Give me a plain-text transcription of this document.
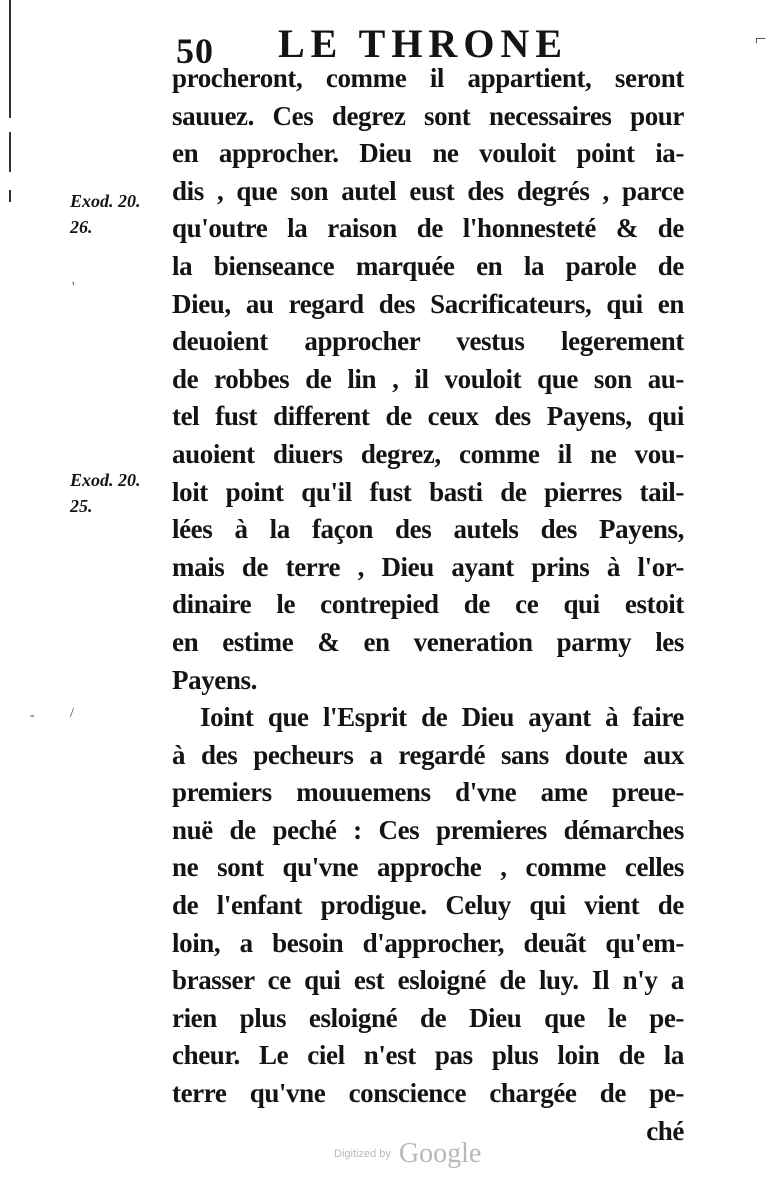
50 LE THRONE	⌐
Exod. 20.
26.
Exod. 20.
25.
'
-	/
procheront, comme il appartient, seront
sauuez. Ces degrez sont necessaires pour
en approcher. Dieu ne vouloit point ia-
dis , que son autel eust des degrés , parce
qu'outre la raison de l'honnesteté & de
la bienseance marquée en la parole de
Dieu, au regard des Sacrificateurs, qui en
deuoient approcher vestus legerement
de robbes de lin , il vouloit que son au-
tel fust different de ceux des Payens, qui
auoient diuers degrez, comme il ne vou-
loit point qu'il fust basti de pierres tail-
lées à la façon des autels des Payens,
mais de terre , Dieu ayant prins à l'or-
dinaire le contrepied de ce qui estoit
en estime & en veneration parmy les
Payens.
Ioint que l'Esprit de Dieu ayant à faire
à des pecheurs a regardé sans doute aux
premiers mouuemens d'vne ame preue-
nuë de peché : Ces premieres démarches
ne sont qu'vne approche , comme celles
de l'enfant prodigue. Celuy qui vient de
loin, a besoin d'approcher, deuãt qu'em-
brasser ce qui est esloigné de luy. Il n'y a
rien plus esloigné de Dieu que le pe-
cheur. Le ciel n'est pas plus loin de la
terre qu'vne conscience chargée de pe-
ché
Digitized by Google
